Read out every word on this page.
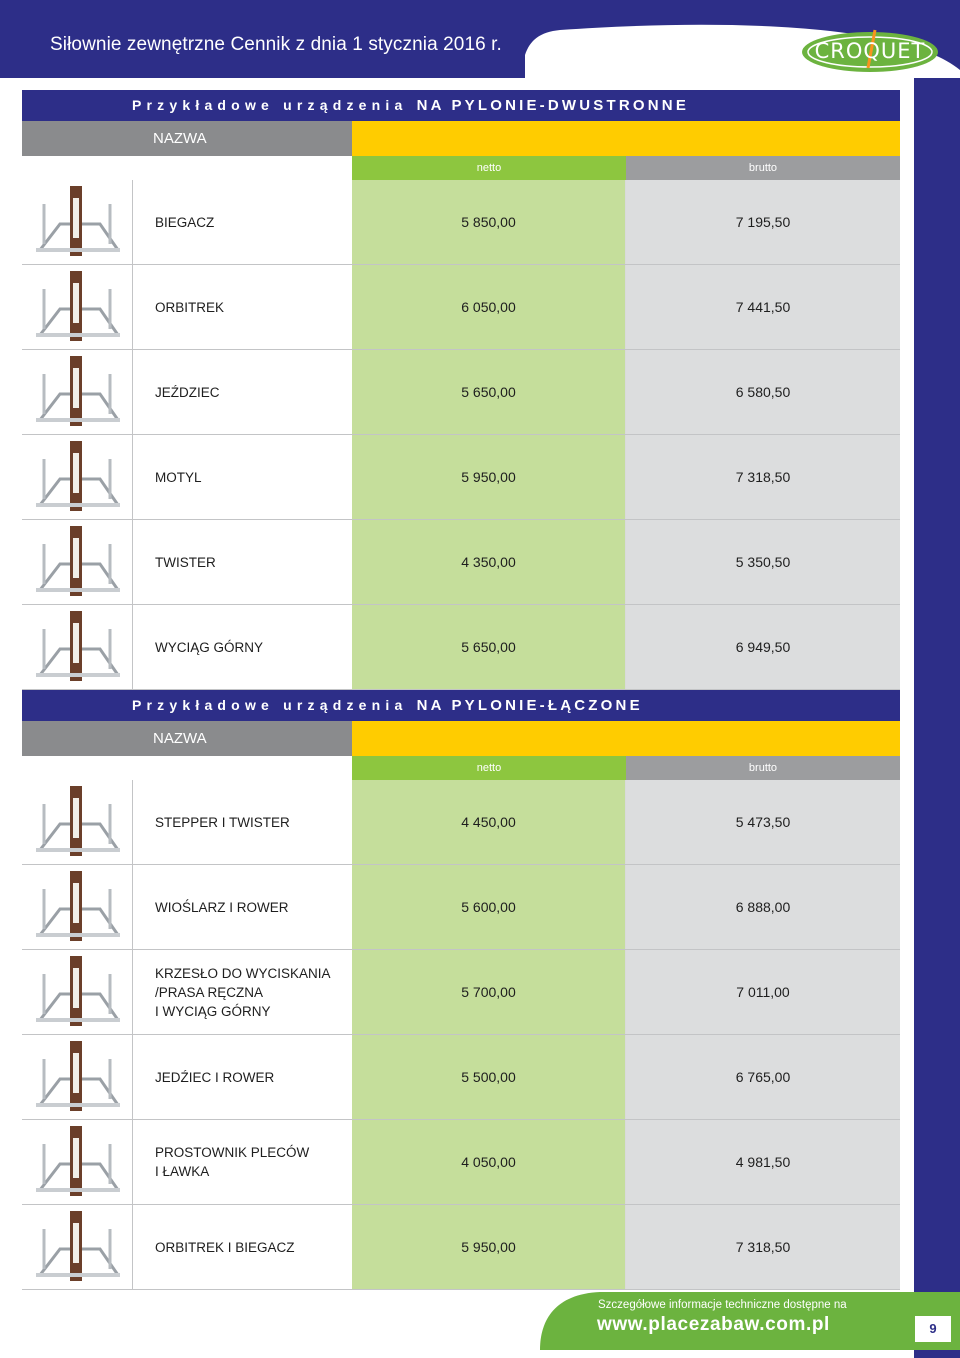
Siłownie zewnętrzne Cennik z dnia 1 stycznia 2016 r.	CROQUET
Przykładowe urządzenia NA PYLONIE-DWUSTRONNE
NAZWA
netto	brutto
BIEGACZ	5 850,00	7 195,50
ORBITREK	6 050,00	7 441,50
JEŹDZIEC	5 650,00	6 580,50
MOTYL	5 950,00	7 318,50
TWISTER	4 350,00	5 350,50
WYCIĄG GÓRNY	5 650,00	6 949,50
Przykładowe urządzenia NA PYLONIE-ŁĄCZONE
NAZWA
netto	brutto
STEPPER I TWISTER	4 450,00	5 473,50
WIOŚLARZ I ROWER	5 600,00	6 888,00
KRZESŁO DO WYCISKANIA
/PRASA RĘCZNA
I WYCIĄG GÓRNY
5 700,00	7 011,00
JEDŹIEC I ROWER	5 500,00	6 765,00
PROSTOWNIK PLECÓW
I ŁAWKA
4 050,00	4 981,50
ORBITREK I BIEGACZ	5 950,00	7 318,50
Szczegółowe informacje techniczne dostępne na
www.placezabaw.com.pl	9
